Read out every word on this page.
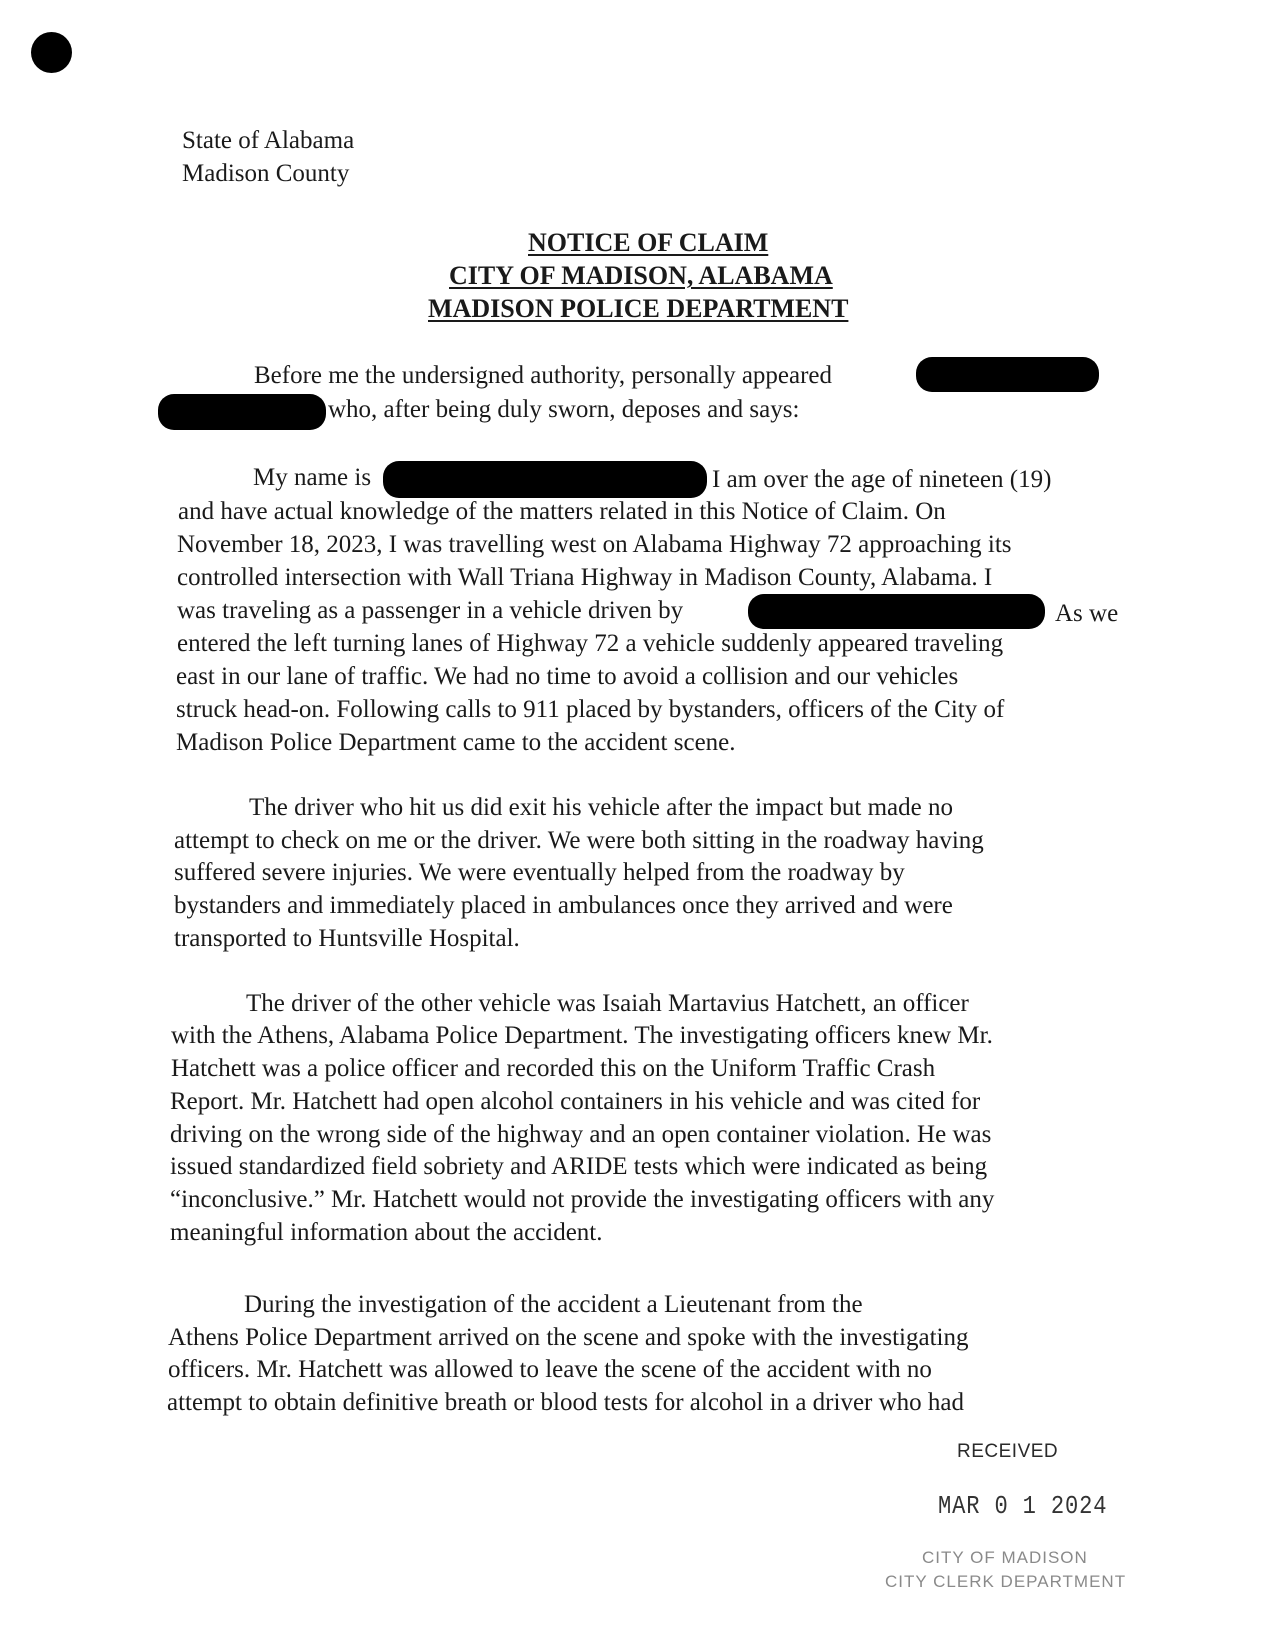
State of Alabama
Madison County
NOTICE OF CLAIM
CITY OF MADISON, ALABAMA
MADISON POLICE DEPARTMENT
Before me the undersigned authority, personally appeared
who, after being duly sworn, deposes and says:
My name is	I am over the age of nineteen (19)
and have actual knowledge of the matters related in this Notice of Claim. On
November 18, 2023, I was travelling west on Alabama Highway 72 approaching its
controlled intersection with Wall Triana Highway in Madison County, Alabama. I
was traveling as a passenger in a vehicle driven by	As we
entered the left turning lanes of Highway 72 a vehicle suddenly appeared traveling
east in our lane of traffic. We had no time to avoid a collision and our vehicles
struck head-on. Following calls to 911 placed by bystanders, officers of the City of
Madison Police Department came to the accident scene.
The driver who hit us did exit his vehicle after the impact but made no
attempt to check on me or the driver. We were both sitting in the roadway having
suffered severe injuries. We were eventually helped from the roadway by
bystanders and immediately placed in ambulances once they arrived and were
transported to Huntsville Hospital.
The driver of the other vehicle was Isaiah Martavius Hatchett, an officer
with the Athens, Alabama Police Department. The investigating officers knew Mr.
Hatchett was a police officer and recorded this on the Uniform Traffic Crash
Report. Mr. Hatchett had open alcohol containers in his vehicle and was cited for
driving on the wrong side of the highway and an open container violation. He was
issued standardized field sobriety and ARIDE tests which were indicated as being
“inconclusive.” Mr. Hatchett would not provide the investigating officers with any
meaningful information about the accident.
During the investigation of the accident a Lieutenant from the
Athens Police Department arrived on the scene and spoke with the investigating
officers. Mr. Hatchett was allowed to leave the scene of the accident with no
attempt to obtain definitive breath or blood tests for alcohol in a driver who had
RECEIVED
MAR 0 1 2024
CITY OF MADISON
CITY CLERK DEPARTMENT
